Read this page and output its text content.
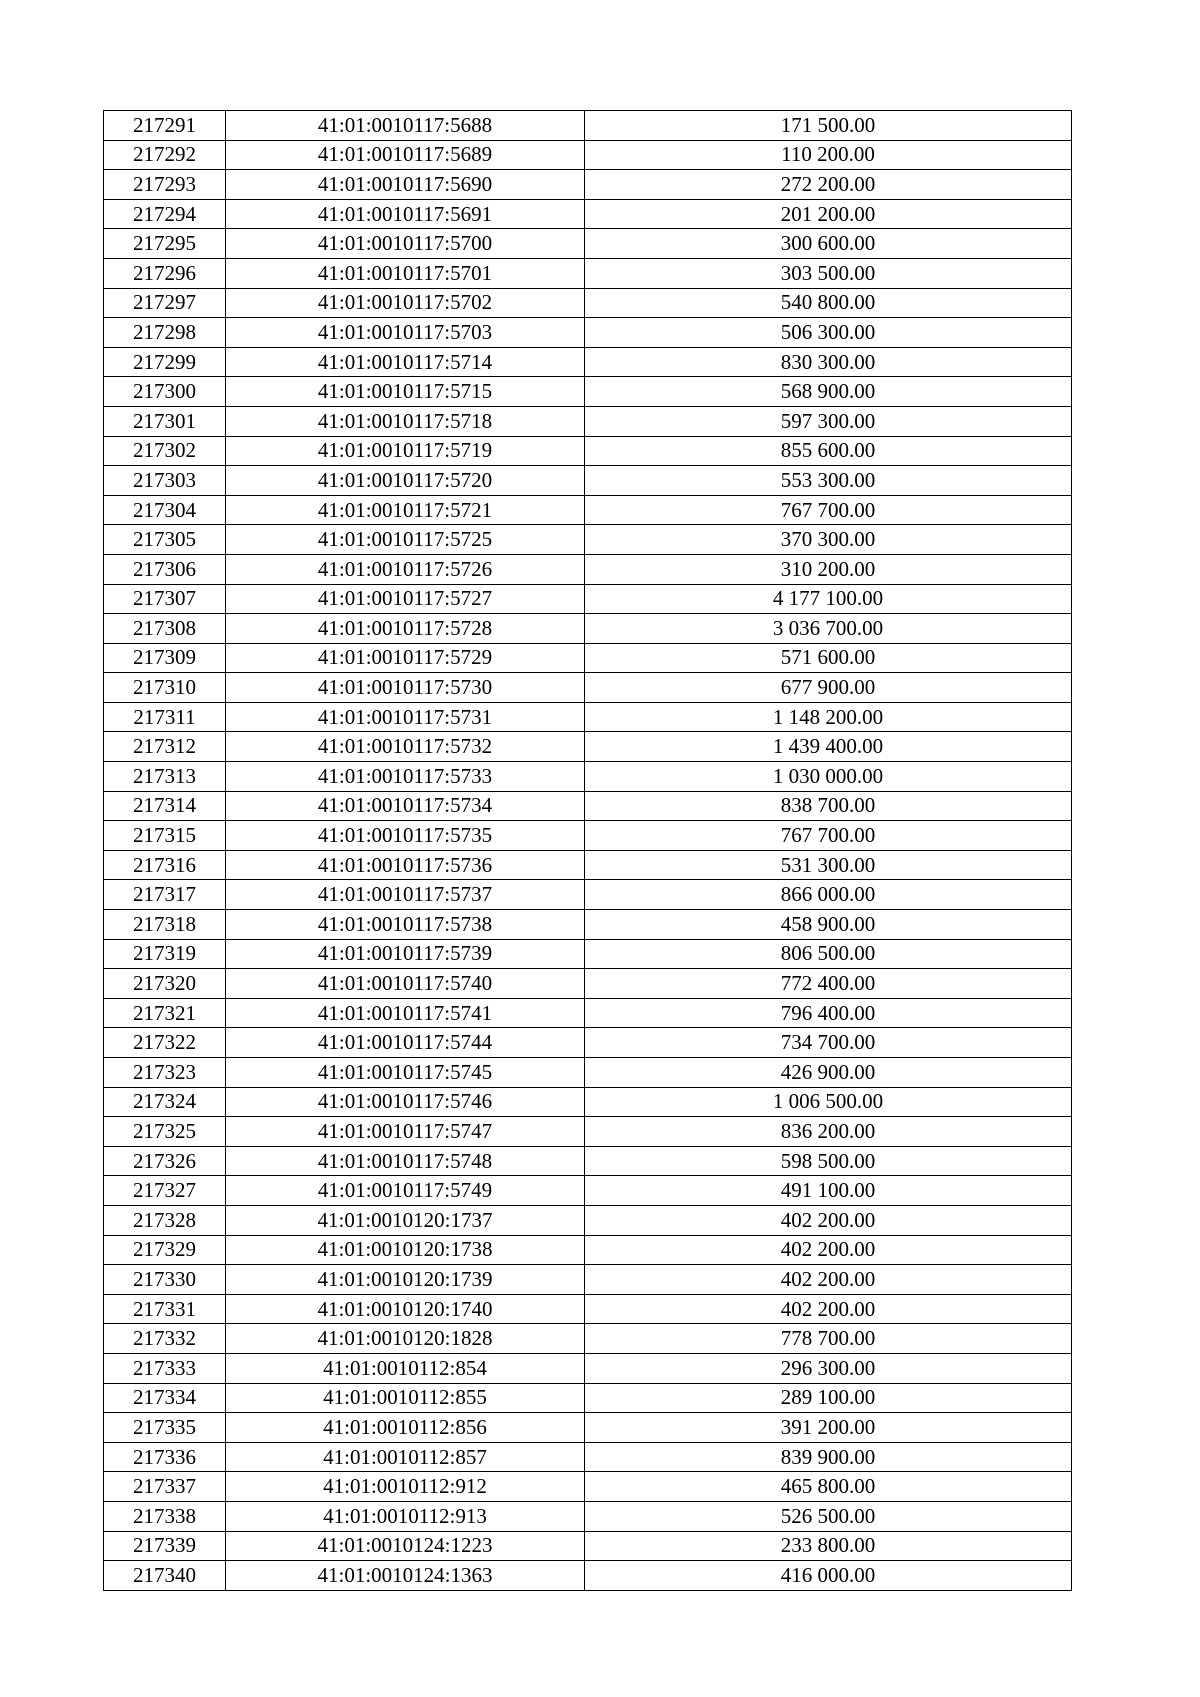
217291	41:01:0010117:5688	171 500.00
217292	41:01:0010117:5689	110 200.00
217293	41:01:0010117:5690	272 200.00
217294	41:01:0010117:5691	201 200.00
217295	41:01:0010117:5700	300 600.00
217296	41:01:0010117:5701	303 500.00
217297	41:01:0010117:5702	540 800.00
217298	41:01:0010117:5703	506 300.00
217299	41:01:0010117:5714	830 300.00
217300	41:01:0010117:5715	568 900.00
217301	41:01:0010117:5718	597 300.00
217302	41:01:0010117:5719	855 600.00
217303	41:01:0010117:5720	553 300.00
217304	41:01:0010117:5721	767 700.00
217305	41:01:0010117:5725	370 300.00
217306	41:01:0010117:5726	310 200.00
217307	41:01:0010117:5727	4 177 100.00
217308	41:01:0010117:5728	3 036 700.00
217309	41:01:0010117:5729	571 600.00
217310	41:01:0010117:5730	677 900.00
217311	41:01:0010117:5731	1 148 200.00
217312	41:01:0010117:5732	1 439 400.00
217313	41:01:0010117:5733	1 030 000.00
217314	41:01:0010117:5734	838 700.00
217315	41:01:0010117:5735	767 700.00
217316	41:01:0010117:5736	531 300.00
217317	41:01:0010117:5737	866 000.00
217318	41:01:0010117:5738	458 900.00
217319	41:01:0010117:5739	806 500.00
217320	41:01:0010117:5740	772 400.00
217321	41:01:0010117:5741	796 400.00
217322	41:01:0010117:5744	734 700.00
217323	41:01:0010117:5745	426 900.00
217324	41:01:0010117:5746	1 006 500.00
217325	41:01:0010117:5747	836 200.00
217326	41:01:0010117:5748	598 500.00
217327	41:01:0010117:5749	491 100.00
217328	41:01:0010120:1737	402 200.00
217329	41:01:0010120:1738	402 200.00
217330	41:01:0010120:1739	402 200.00
217331	41:01:0010120:1740	402 200.00
217332	41:01:0010120:1828	778 700.00
217333	41:01:0010112:854	296 300.00
217334	41:01:0010112:855	289 100.00
217335	41:01:0010112:856	391 200.00
217336	41:01:0010112:857	839 900.00
217337	41:01:0010112:912	465 800.00
217338	41:01:0010112:913	526 500.00
217339	41:01:0010124:1223	233 800.00
217340	41:01:0010124:1363	416 000.00
